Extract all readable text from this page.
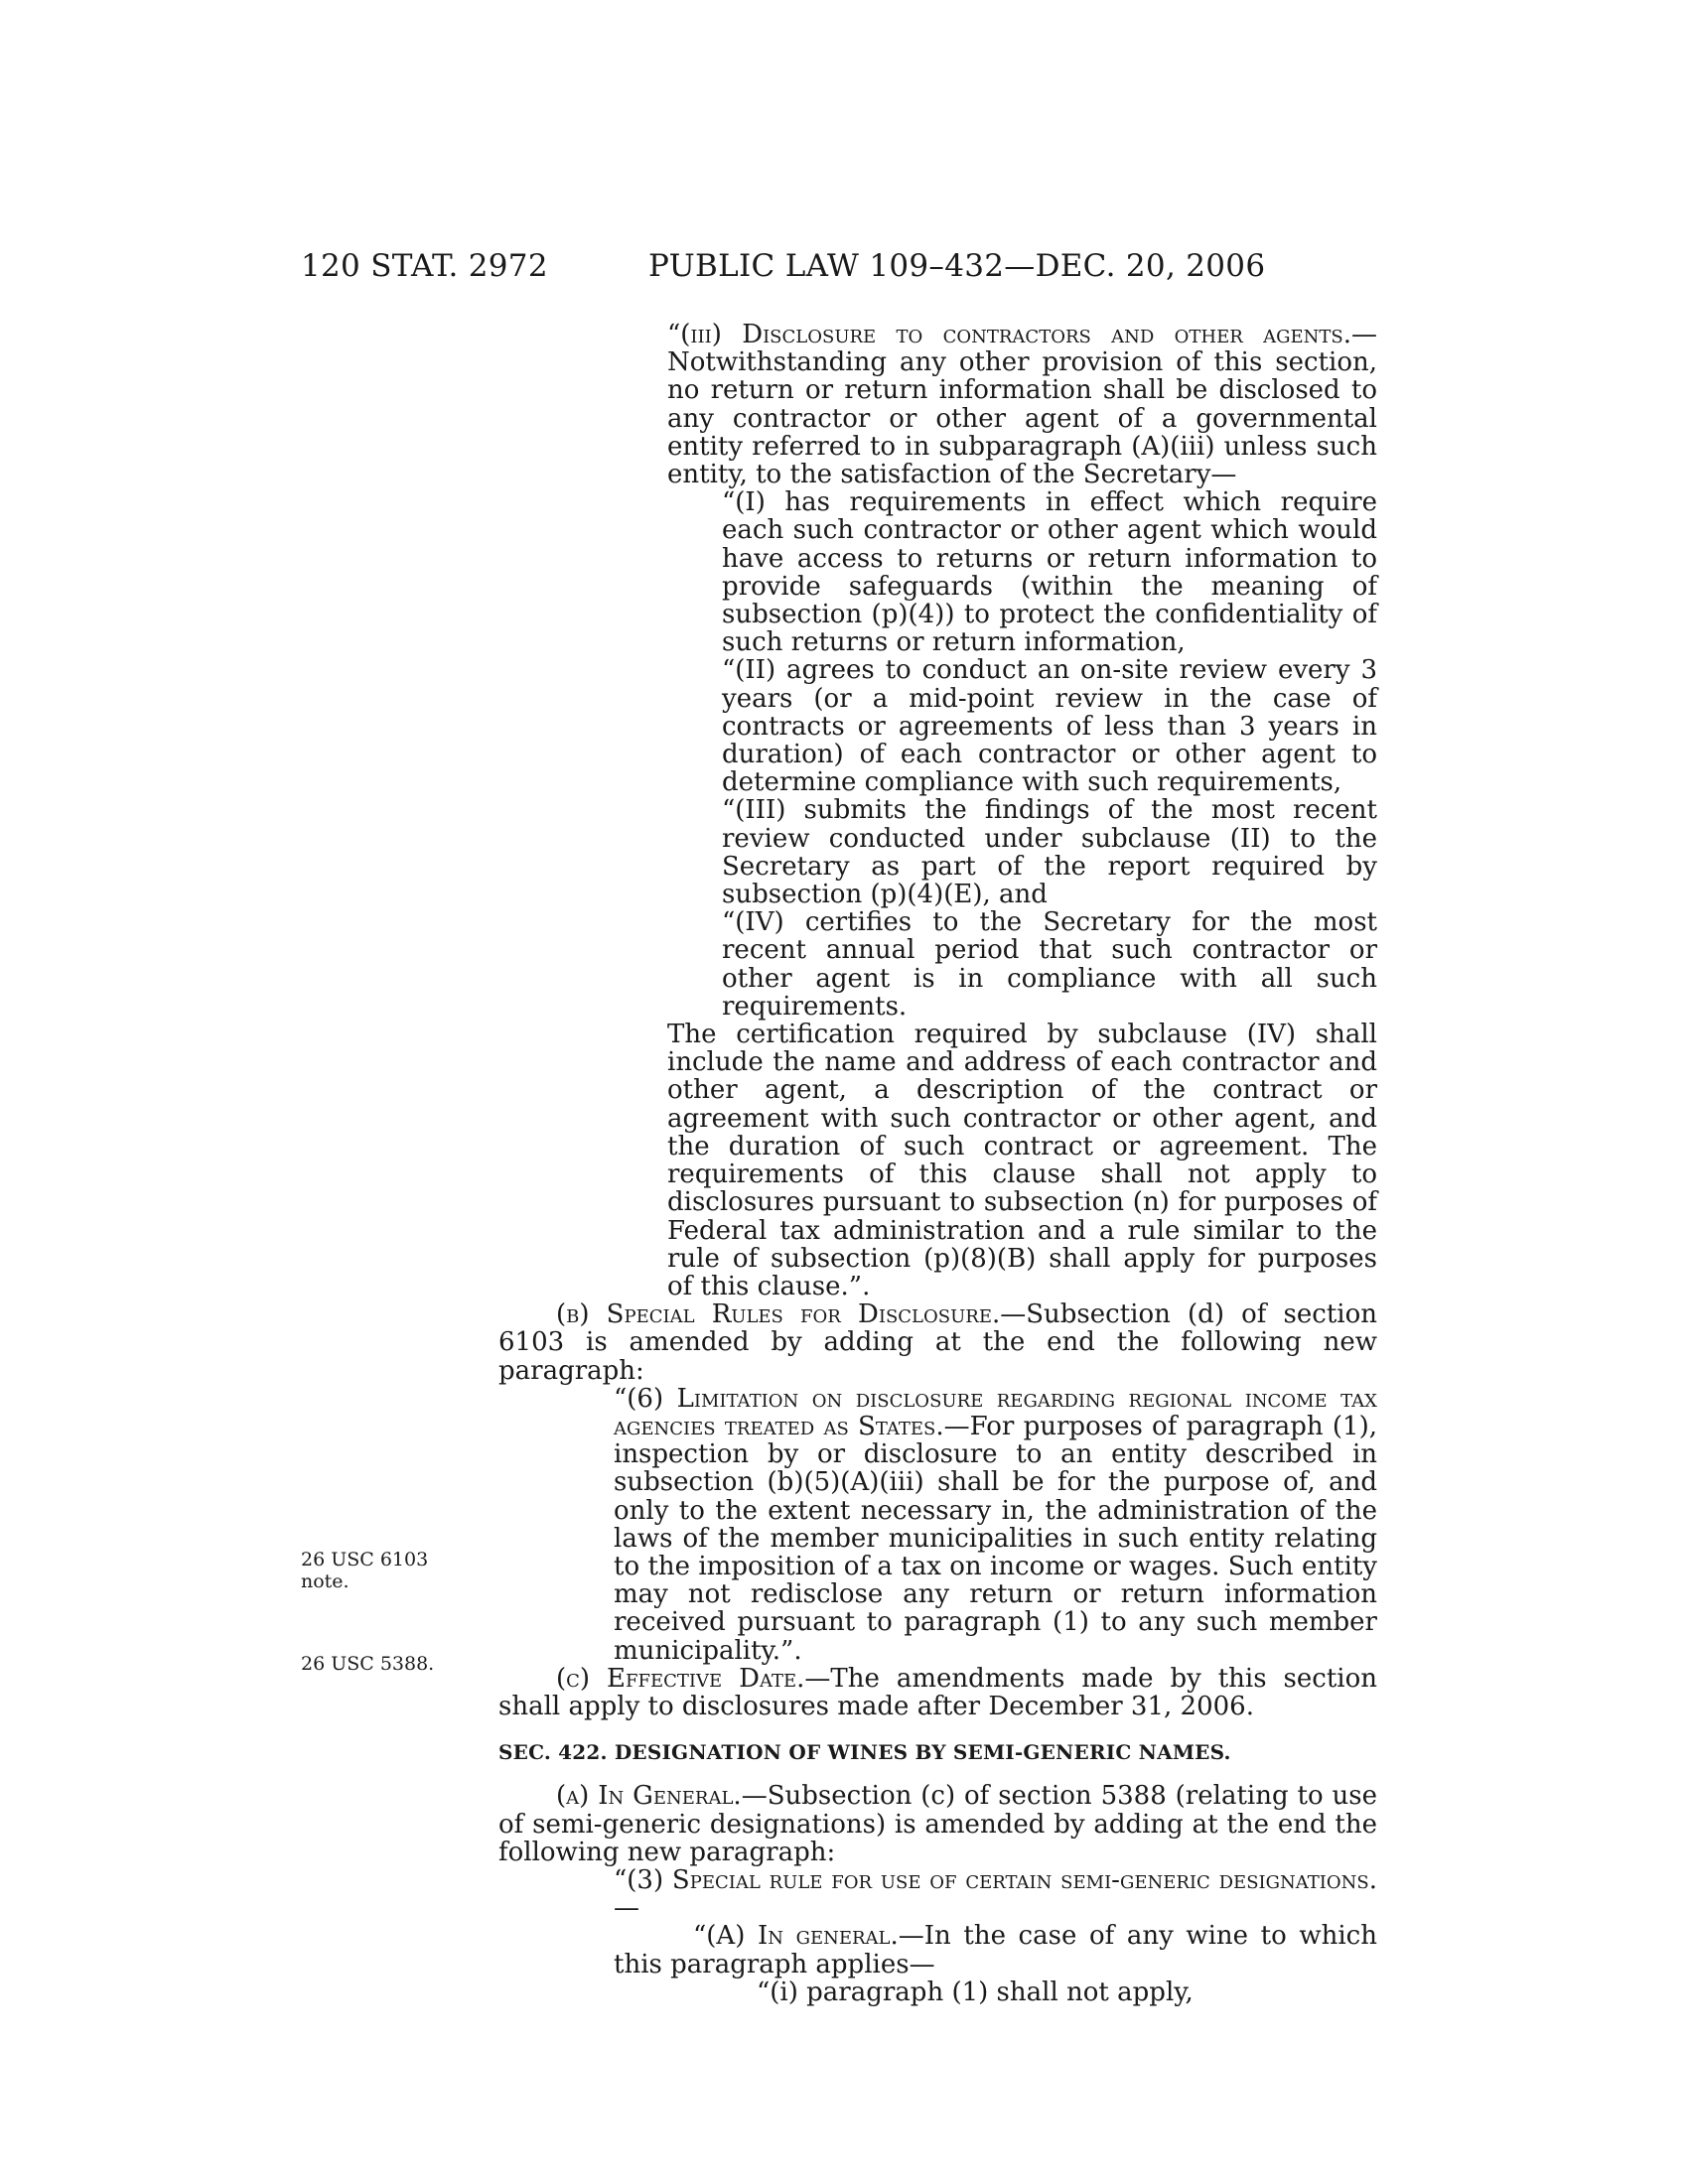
120 STAT. 2972	PUBLIC LAW 109–432—DEC. 20, 2006
26 USC 6103
note.
26 USC 5388.

“(iii) Disclosure to contractors and other agents.—Notwithstanding any other provision of this section, no return or return information shall be disclosed to any contractor or other agent of a governmental entity referred to in subparagraph (A)(iii) unless such entity, to the satisfaction of the Secretary—

“(I) has requirements in effect which require each such contractor or other agent which would have access to returns or return information to provide safeguards (within the meaning of subsection (p)(4)) to protect the confidentiality of such returns or return information,

“(II) agrees to conduct an on-site review every 3 years (or a mid-point review in the case of contracts or agreements of less than 3 years in duration) of each contractor or other agent to determine compliance with such requirements,

“(III) submits the findings of the most recent review conducted under subclause (II) to the Secretary as part of the report required by subsection (p)(4)(E), and

“(IV) certifies to the Secretary for the most recent annual period that such contractor or other agent is in compliance with all such requirements.

The certification required by subclause (IV) shall include the name and address of each contractor and other agent, a description of the contract or agreement with such contractor or other agent, and the duration of such contract or agreement. The requirements of this clause shall not apply to disclosures pursuant to subsection (n) for purposes of Federal tax administration and a rule similar to the rule of subsection (p)(8)(B) shall apply for purposes of this clause.”.

(b) Special Rules for Disclosure.—Subsection (d) of section 6103 is amended by adding at the end the following new paragraph:

“(6) Limitation on disclosure regarding regional income tax agencies treated as States.—For purposes of paragraph (1), inspection by or disclosure to an entity described in subsection (b)(5)(A)(iii) shall be for the purpose of, and only to the extent necessary in, the administration of the laws of the member municipalities in such entity relating to the imposition of a tax on income or wages. Such entity may not redisclose any return or return information received pursuant to paragraph (1) to any such member municipality.”.

(c) Effective Date.—The amendments made by this section shall apply to disclosures made after December 31, 2006.

SEC. 422. DESIGNATION OF WINES BY SEMI-GENERIC NAMES.

(a) In General.—Subsection (c) of section 5388 (relating to use of semi-generic designations) is amended by adding at the end the following new paragraph:

“(3) Special rule for use of certain semi-generic designations.—

“(A) In general.—In the case of any wine to which this paragraph applies—

“(i) paragraph (1) shall not apply,
